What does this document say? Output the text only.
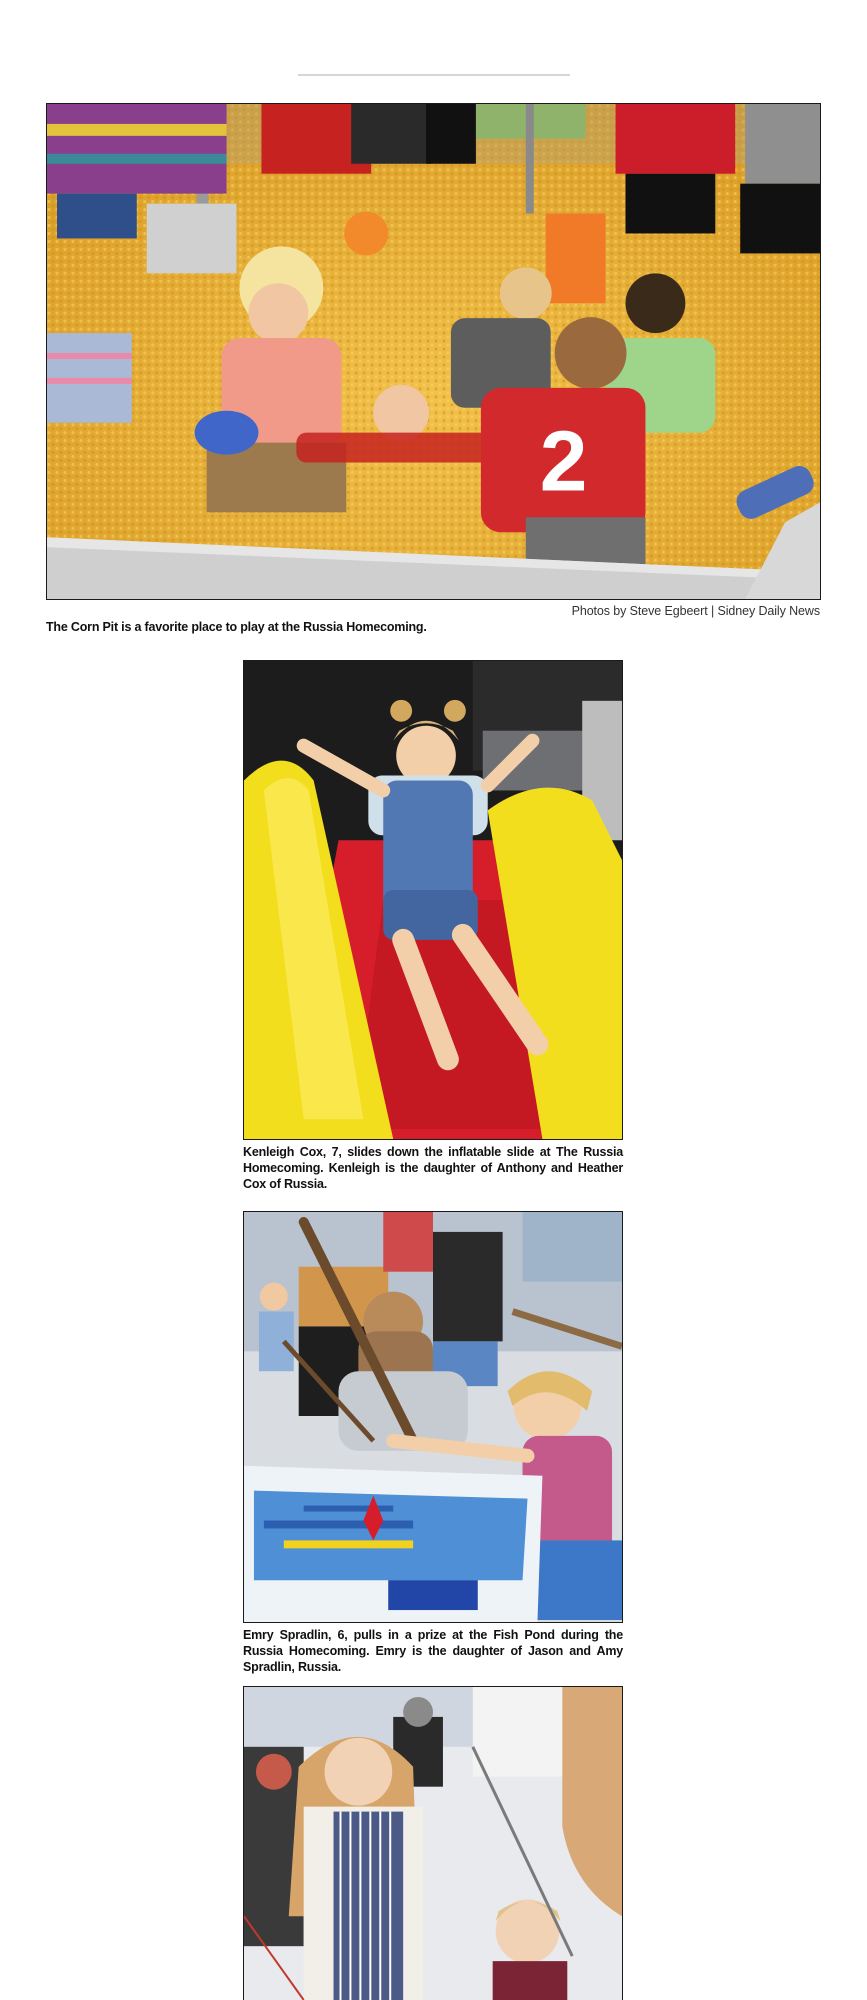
2
Photos by Steve Egbeert | Sidney Daily News
The Corn Pit is a favorite place to play at the Russia Homecoming.
Kenleigh Cox, 7, slides down the inflatable slide at The Russia Homecoming. Kenleigh is the daughter of Anthony and Heather Cox of Russia.
Emry Spradlin, 6, pulls in a prize at the Fish Pond during the Russia Homecoming. Emry is the daughter of Jason and Amy Spradlin, Russia.
